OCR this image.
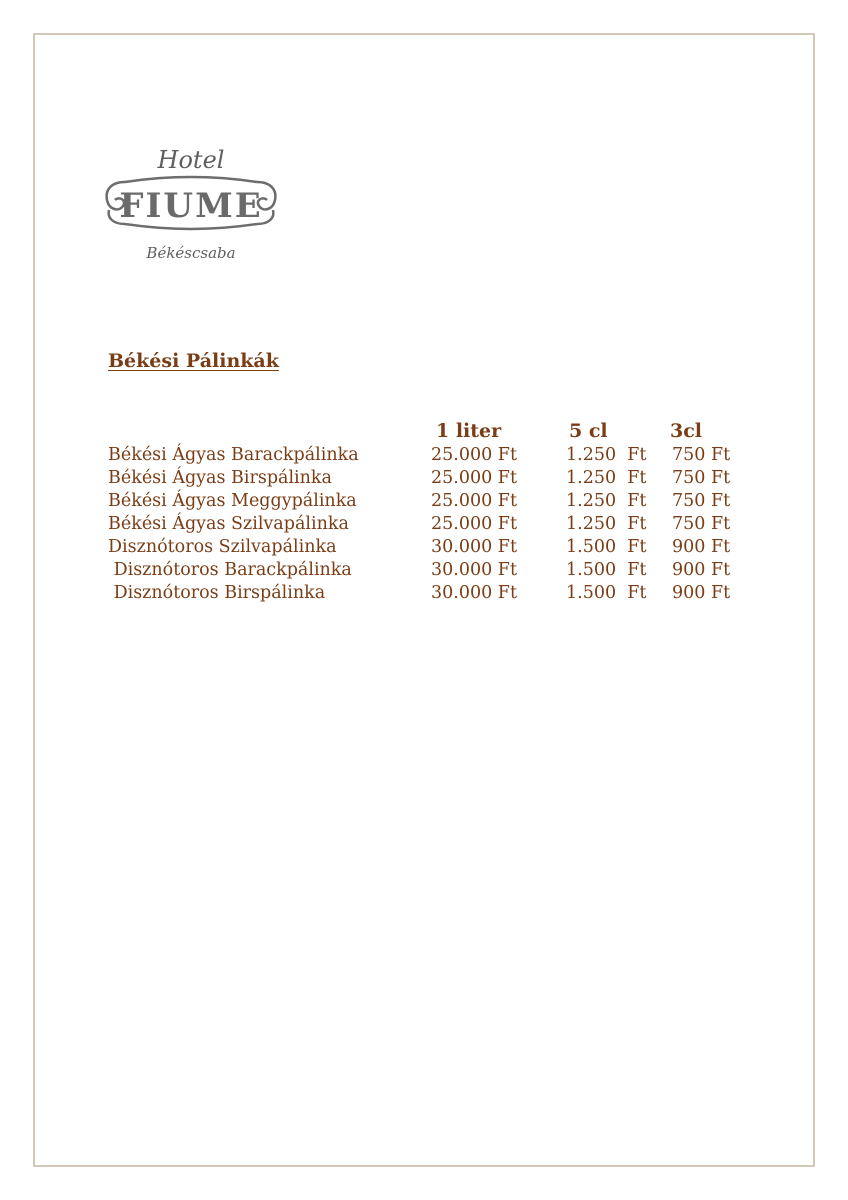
Hotel
FIUME
Békéscsaba
Békési Pálinkák
1 liter	5 cl	3cl
Békési Ágyas Barackpálinka	25.000 Ft	1.250  Ft 750 Ft
Békési Ágyas Birspálinka	25.000 Ft	1.250  Ft 750 Ft
Békési Ágyas Meggypálinka	25.000 Ft	1.250  Ft 750 Ft
Békési Ágyas Szilvapálinka	25.000 Ft	1.250  Ft 750 Ft
Disznótoros Szilvapálinka	30.000 Ft	1.500  Ft 900 Ft
Disznótoros Barackpálinka	30.000 Ft	1.500  Ft 900 Ft
Disznótoros Birspálinka	30.000 Ft	1.500  Ft 900 Ft
